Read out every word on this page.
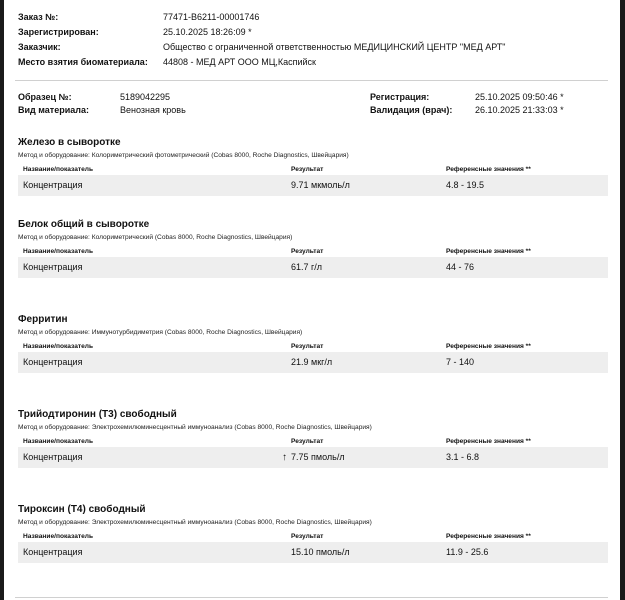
Заказ №:	77471-B6211-00001746
Зарегистрирован:	25.10.2025 18:26:09 *
Заказчик:	Общество с ограниченной ответственностью МЕДИЦИНСКИЙ ЦЕНТР "МЕД АРТ"
Место взятия биоматериала: 44808 - МЕД АРТ ООО МЦ,Каспийск
Образец №:	5189042295
Вид материала:	Венозная кровь
Регистрация:	25.10.2025 09:50:46 *
Валидация (врач):	26.10.2025 21:33:03 *
Железо в сыворотке
Метод и оборудование: Колориметрический фотометрический (Cobas 8000, Roche Diagnostics, Швейцария)
Название/показатель	Результат	Референсные значения **
Концентрация	9.71 мкмоль/л	4.8 - 19.5
Белок общий в сыворотке
Метод и оборудование: Колориметрический (Cobas 8000, Roche Diagnostics, Швейцария)
Название/показатель	Результат	Референсные значения **
Концентрация	61.7 г/л	44 - 76
Ферритин
Метод и оборудование: Иммунотурбидиметрия (Cobas 8000, Roche Diagnostics, Швейцария)
Название/показатель	Результат	Референсные значения **
Концентрация	21.9 мкг/л	7 - 140
Трийодтиронин (Т3) свободный
Метод и оборудование: Электрохемилюминесцентный иммуноанализ (Cobas 8000, Roche Diagnostics, Швейцария)
Название/показатель	Результат	Референсные значения **
Концентрация	↑ 7.75 пмоль/л	3.1 - 6.8
Тироксин (Т4) свободный
Метод и оборудование: Электрохемилюминесцентный иммуноанализ (Cobas 8000, Roche Diagnostics, Швейцария)
Название/показатель	Результат	Референсные значения **
Концентрация	15.10 пмоль/л	11.9 - 25.6
